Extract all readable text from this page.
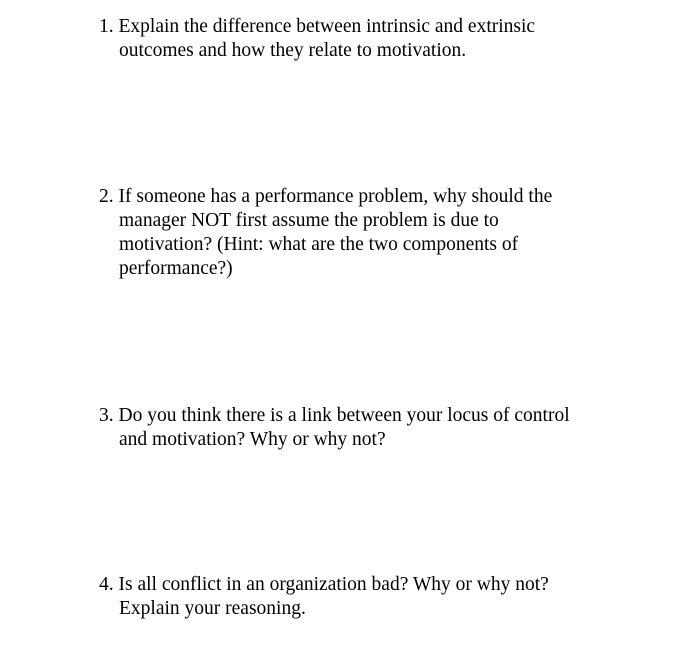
1. Explain the difference between intrinsic and extrinsic
outcomes and how they relate to motivation.
2. If someone has a performance problem, why should the
manager NOT first assume the problem is due to
motivation? (Hint: what are the two components of
performance?)
3. Do you think there is a link between your locus of control
and motivation? Why or why not?
4. Is all conflict in an organization bad? Why or why not?
Explain your reasoning.
